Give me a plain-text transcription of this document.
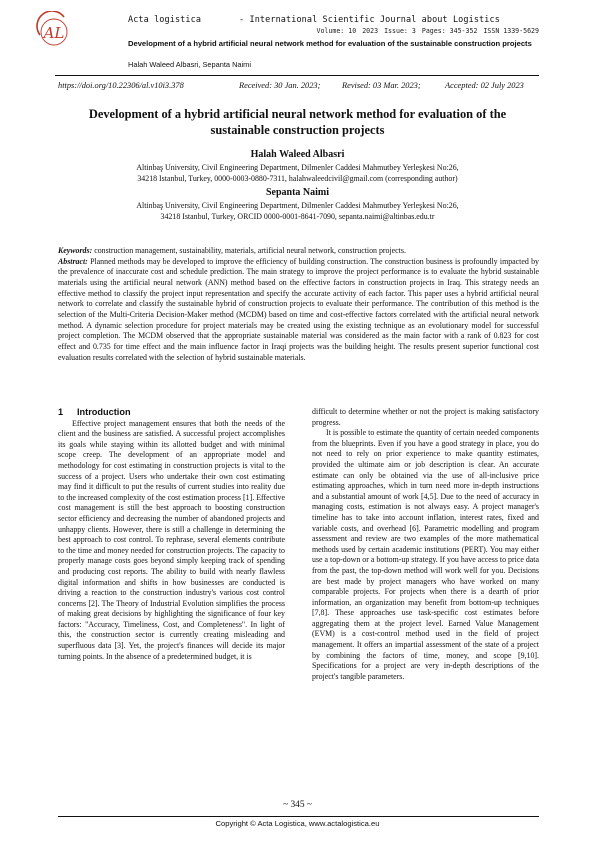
AL
Acta logistica	- International Scientific Journal about Logistics
Volume: 10 2023 Issue: 3 Pages: 345-352 ISSN 1339-5629
Development of a hybrid artificial neural network method for evaluation of the sustainable construction projects
Halah Waleed Albasri, Sepanta Naimi
https://doi.org/10.22306/al.v10i3.378	Received: 30 Jan. 2023;	Revised: 03 Mar. 2023;	Accepted: 02 July 2023
Development of a hybrid artificial neural network method for evaluation of the sustainable construction projects
Halah Waleed Albasri
Altinbaş University, Civil Engineering Department, Dilmenler Caddesi Mahmutbey Yerleşkesi No:26,
34218 Istanbul, Turkey, 0000-0003-0880-7311, halahwaleedcivil@gmail.com (corresponding author)
Sepanta Naimi
Altinbaş University, Civil Engineering Department, Dilmenler Caddesi Mahmutbey Yerleşkesi No:26,
34218 Istanbul, Turkey, ORCID 0000-0001-8641-7090, sepanta.naimi@altinbas.edu.tr
Keywords: construction management, sustainability, materials, artificial neural network, construction projects.
Abstract: Planned methods may be developed to improve the efficiency of building construction. The construction business is profoundly impacted by the prevalence of inaccurate cost and schedule prediction. The main strategy to improve the project performance is to evaluate the hybrid sustainable materials using the artificial neural network (ANN) method based on the effective factors in construction projects in Iraq. This strategy needs an effective method to classify the project input representation and specify the accurate activity of each factor. This paper uses a hybrid artificial neural network to correlate and classify the sustainable hybrid of construction projects to evaluate their performance. The contribution of this method is the selection of the Multi-Criteria Decision-Maker method (MCDM) based on time and cost-effective factors correlated with the artificial neural network method. A dynamic selection procedure for project materials may be created using the existing technique as an evolutionary model for successful project completion. The MCDM observed that the appropriate sustainable material was considered as the main factor with a rank of 0.823 for cost effect and 0.735 for time effect and the main influence factor in Iraqi projects was the building height. The results present superior functional cost evaluation results correlated with the selection of hybrid sustainable materials.
1 Introduction

Effective project management ensures that both the needs of the client and the business are satisfied. A successful project accomplishes its goals while staying within its allotted budget and with minimal scope creep. The development of an appropriate model and methodology for cost estimating in construction projects is vital to the success of a project. Users who undertake their own cost estimating may find it difficult to put the results of current studies into reality due to the increased complexity of the cost estimation process [1]. Effective cost management is still the best approach to boosting construction sector efficiency and decreasing the number of abandoned projects and unhappy clients. However, there is still a challenge in determining the best approach to cost control. To rephrase, several elements contribute to the time and money needed for construction projects. The capacity to properly manage costs goes beyond simply keeping track of spending and producing cost reports. The ability to build with nearly flawless digital information and shifts in how businesses are conducted is driving a reaction to the construction industry's various cost control concerns [2]. The Theory of Industrial Evolution simplifies the process of making great decisions by highlighting the significance of four key factors: "Accuracy, Timeliness, Cost, and Completeness". In light of this, the construction sector is currently creating misleading and superfluous data [3]. Yet, the project's finances will decide its major turning points. In the absence of a predetermined budget, it is

difficult to determine whether or not the project is making satisfactory progress.

It is possible to estimate the quantity of certain needed components from the blueprints. Even if you have a good strategy in place, you do not need to rely on prior experience to make quantity estimates, provided the ultimate aim or job description is clear. An accurate estimate can only be obtained via the use of all-inclusive price estimating approaches, which in turn need more in-depth instructions and a substantial amount of work [4,5]. Due to the need of accuracy in managing costs, estimation is not always easy. A project manager's timeline has to take into account inflation, interest rates, fixed and variable costs, and overhead [6]. Parametric modelling and program assessment and review are two examples of the more mathematical methods used by certain academic institutions (PERT). You may either use a top-down or a bottom-up strategy. If you have access to price data from the past, the top-down method will work well for you. Decisions are best made by project managers who have worked on many comparable projects. For projects when there is a dearth of prior information, an organization may benefit from bottom-up techniques [7,8]. These approaches use task-specific cost estimates before aggregating them at the project level. Earned Value Management (EVM) is a cost-control method used in the field of project management. It offers an impartial assessment of the state of a project by combining the factors of time, money, and scope [9,10]. Specifications for a project are very in-depth descriptions of the project's tangible parameters.

~ 345 ~
Copyright © Acta Logistica, www.actalogistica.eu
